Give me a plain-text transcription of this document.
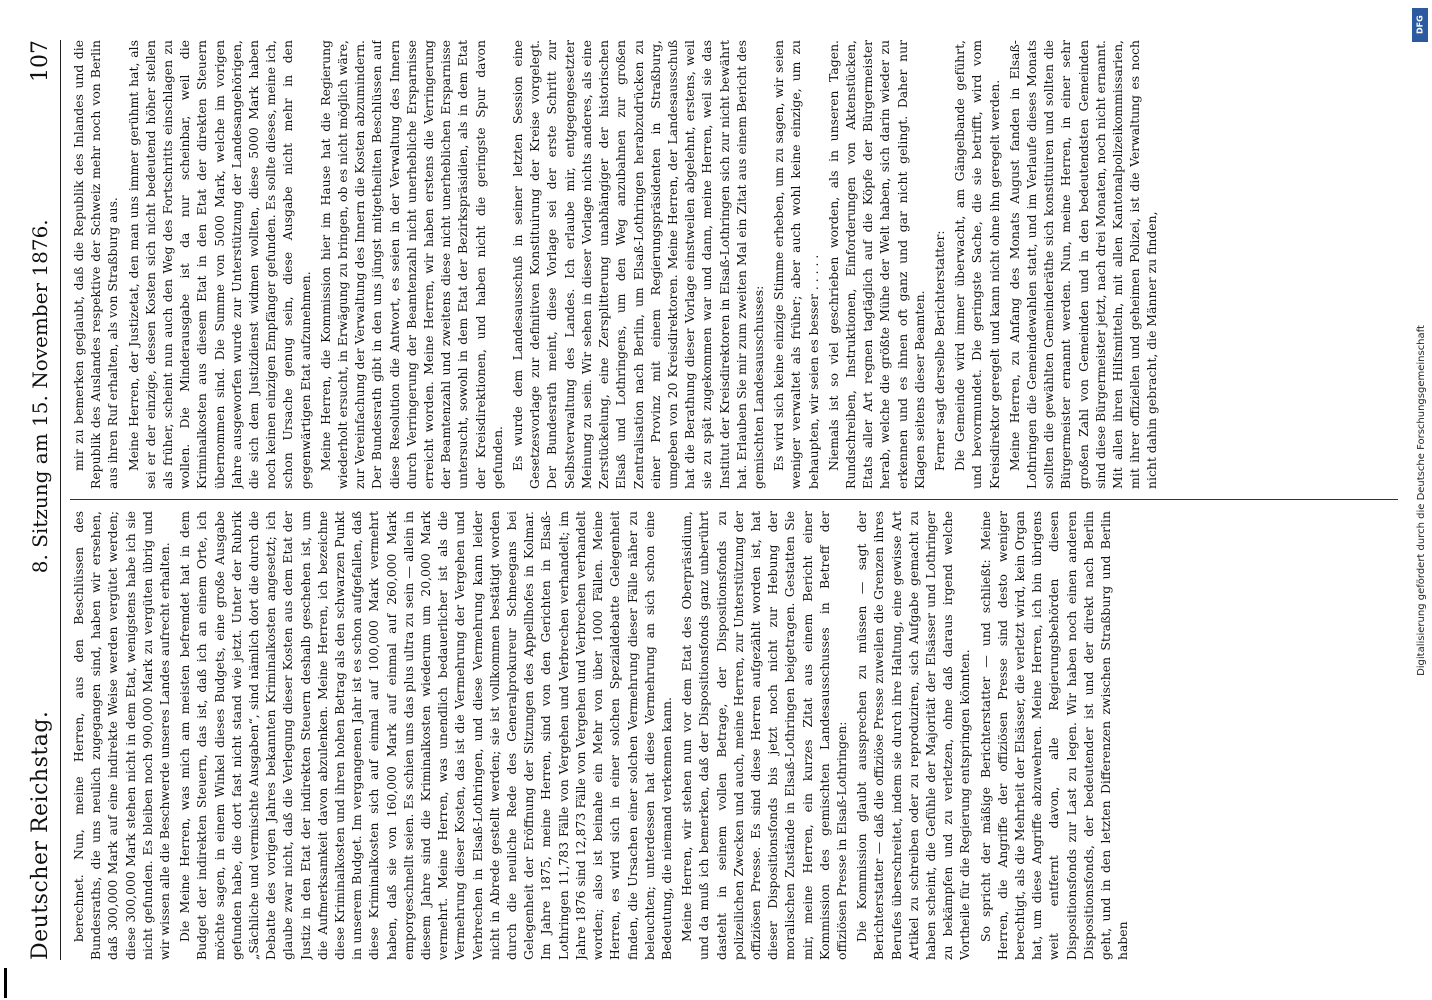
Deutscher Reichstag.
8. Sitzung am 15. November 1876.
107

berechnet. Nun, meine Herren, aus den Beschlüssen des Bundesraths, die uns neulich zugegangen sind, haben wir ersehen, daß 300,000 Mark auf eine indirekte Weise werden vergütet werden; diese 300,000 Mark stehen nicht in dem Etat, wenigstens habe ich sie nicht gefunden. Es bleiben noch 900,000 Mark zu vergüten übrig und wir wissen alle die Beschwerde unseres Landes aufrecht erhalten. Die Meine Herren, was mich am meisten befremdet hat in dem Budget der indirekten Steuern, das ist, daß ich an einem Orte, ich möchte sagen, in einem Winkel dieses Budgets, eine große Ausgabe gefunden habe, die dort fast nicht stand wie jetzt. Unter der Rubrik „Sächliche und vermischte Ausgaben“, sind nämlich dort die durch die Debatte des vorigen Jahres bekannten Kriminalkosten angesetzt; ich glaube zwar nicht, daß die Verlegung dieser Kosten aus dem Etat der Justiz in den Etat der indirekten Steuern deshalb geschehen ist, um die Aufmerksamkeit davon abzulenken. Meine Herren, ich bezeichne diese Kriminalkosten und ihren hohen Betrag als den schwarzen Punkt in unserem Budget. Im vergangenen Jahr ist es schon aufgefallen, daß diese Kriminalkosten sich auf einmal auf 100,000 Mark vermehrt haben, daß sie von 160,000 Mark auf einmal auf 260,000 Mark emporgeschnellt seien. Es schien uns das plus ultra zu sein — allein in diesem Jahre sind die Kriminalkosten wiederum um 20,000 Mark vermehrt. Meine Herren, was unendlich bedauerlicher ist als die Vermehrung dieser Kosten, das ist die Vermehrung der Vergehen und Verbrechen in Elsaß-Lothringen, und diese Vermehrung kann leider nicht in Abrede gestellt werden; sie ist vollkommen bestätigt worden durch die neuliche Rede des Generalprokureur Schneegans bei Gelegenheit der Eröffnung der Sitzungen des Appellhofes in Kolmar. Im Jahre 1875, meine Herren, sind von den Gerichten in Elsaß-Lothringen 11,783 Fälle von Vergehen und Verbrechen verhandelt; im Jahre 1876 sind 12,873 Fälle von Vergehen und Verbrechen verhandelt worden; also ist beinahe ein Mehr von über 1000 Fällen. Meine Herren, es wird sich in einer solchen Spezialdebatte Gelegenheit finden, die Ursachen einer solchen Vermehrung dieser Fälle näher zu beleuchten; unterdessen hat diese Vermehrung an sich schon eine Bedeutung, die niemand verkennen kann. Meine Herren, wir stehen nun vor dem Etat des Oberpräsidium, und da muß ich bemerken, daß der Dispositionsfonds ganz unberührt dasteht in seinem vollen Betrage, der Dispositionsfonds zu polizeilichen Zwecken und auch, meine Herren, zur Unterstützung der offiziösen Presse. Es sind diese Herren aufgezählt worden ist, hat dieser Dispositionsfonds bis jetzt noch nicht zur Hebung der moralischen Zustände in Elsaß-Lothringen beigetragen. Gestatten Sie mir, meine Herren, ein kurzes Zitat aus einem Bericht einer Kommission des gemischten Landesausschusses in Betreff der offiziösen Presse in Elsaß-Lothringen: Die Kommission glaubt aussprechen zu müssen — sagt der Berichterstatter — daß die offiziöse Presse zuweilen die Grenzen ihres Berufes überschreitet, indem sie durch ihre Haltung, eine gewisse Art Artikel zu schreiben oder zu reproduziren, sich Aufgabe gemacht zu haben scheint, die Gefühle der Majorität der Elsässer und Lothringer zu bekämpfen und zu verletzen, ohne daß daraus irgend welche Vortheile für die Regierung entspringen könnten. So spricht der mäßige Berichterstatter — und schließt: Meine Herren, die Angriffe der offiziösen Presse sind desto weniger berechtigt, als die Mehrheit der Elsässer, die verletzt wird, kein Organ hat, um diese Angriffe abzuwehren. Meine Herren, ich bin übrigens weit entfernt davon, alle Regierungsbehörden diesen Dispositionsfonds zur Last zu legen. Wir haben noch einen anderen Dispositionsfonds, der bedeutender ist und der direkt nach Berlin geht, und in den letzten Differenzen zwischen Straßburg und Berlin haben

mir zu bemerken geglaubt, daß die Republik des Inlandes und die Republik des Auslandes respektive der Schweiz mehr noch von Berlin aus ihren Ruf erhalten, als von Straßburg aus. Meine Herren, der Justizetat, den man uns immer gerühmt hat, als sei er der einzige, dessen Kosten sich nicht bedeutend höher stellen als früher, scheint nun auch den Weg des Fortschritts einschlagen zu wollen. Die Minderausgabe ist da nur scheinbar, weil die Kriminalkosten aus diesem Etat in den Etat der direkten Steuern übernommen sind. Die Summe von 5000 Mark, welche im vorigen Jahre ausgeworfen wurde zur Unterstützung der Landesangehörigen, die sich dem Justizdienst widmen wollten, diese 5000 Mark haben noch keinen einzigen Empfänger gefunden. Es sollte dieses, meine ich, schon Ursache genug sein, diese Ausgabe nicht mehr in den gegenwärtigen Etat aufzunehmen. Meine Herren, die Kommission hier im Hause hat die Regierung wiederholt ersucht, in Erwägung zu bringen, ob es nicht möglich wäre, zur Vereinfachung der Verwaltung des Innern die Kosten abzumindern. Der Bundesrath gibt in den uns jüngst mitgetheilten Beschlüssen auf diese Resolution die Antwort, es seien in der Verwaltung des Innern durch Verringerung der Beamtenzahl nicht unerhebliche Ersparnisse erreicht worden. Meine Herren, wir haben erstens die Verringerung der Beamtenzahl und zweitens diese nicht unerheblichen Ersparnisse untersucht, sowohl in dem Etat der Bezirkspräsidien, als in dem Etat der Kreisdirektionen, und haben nicht die geringste Spur davon gefunden. Es wurde dem Landesausschuß in seiner letzten Session eine Gesetzesvorlage zur definitiven Konstituirung der Kreise vorgelegt. Der Bundesrath meint, diese Vorlage sei der erste Schritt zur Selbstverwaltung des Landes. Ich erlaube mir, entgegengesetzter Meinung zu sein. Wir sehen in dieser Vorlage nichts anderes, als eine Zerstückelung, eine Zersplitterung unabhängiger der historischen Elsaß und Lothringens, um den Weg anzubahnen zur großen Zentralisation nach Berlin, um Elsaß-Lothringen herabzudrücken zu einer Provinz mit einem Regierungspräsidenten in Straßburg, umgeben von 20 Kreisdirektoren. Meine Herren, der Landesausschuß hat die Berathung dieser Vorlage einstweilen abgelehnt, erstens, weil sie zu spät zugekommen war und dann, meine Herren, weil sie das Institut der Kreisdirektoren in Elsaß-Lothringen sich zur nicht bewährt hat. Erlauben Sie mir zum zweiten Mal ein Zitat aus einem Bericht des gemischten Landesausschusses: Es wird sich keine einzige Stimme erheben, um zu sagen, wir seien weniger verwaltet als früher; aber auch wohl keine einzige, um zu behaupten, wir seien es besser . . . . . Niemals ist so viel geschrieben worden, als in unseren Tagen. Rundschreiben, Instruktionen, Einforderungen von Aktenstücken, Etats aller Art regnen tagtäglich auf die Köpfe der Bürgermeister herab, welche die größte Mühe der Welt haben, sich darin wieder zu erkennen und es ihnen oft ganz und gar nicht gelingt. Daher nur Klagen seitens dieser Beamten. Ferner sagt derselbe Berichterstatter: Die Gemeinde wird immer überwacht, am Gängelbande geführt, und bevormundet. Die geringste Sache, die sie betrifft, wird vom Kreisdirektor geregelt und kann nicht ohne ihn geregelt werden. Meine Herren, zu Anfang des Monats August fanden in Elsaß-Lothringen die Gemeindewahlen statt, und im Verlaufe dieses Monats sollten die gewählten Gemeinderäthe sich konstituiren und sollten die Bürgermeister ernannt werden. Nun, meine Herren, in einer sehr großen Zahl von Gemeinden und in den bedeutendsten Gemeinden sind diese Bürgermeister jetzt, nach drei Monaten, noch nicht ernannt. Mit allen ihren Hilfsmitteln, mit allen Kantonalpolizeikommissarien, mit ihrer offiziellen und geheimen Polizei, ist die Verwaltung es noch nicht dahin gebracht, die Männer zu finden,	Digitalisierung gefördert durch die Deutsche Forschungsgemeinschaft
DFG
